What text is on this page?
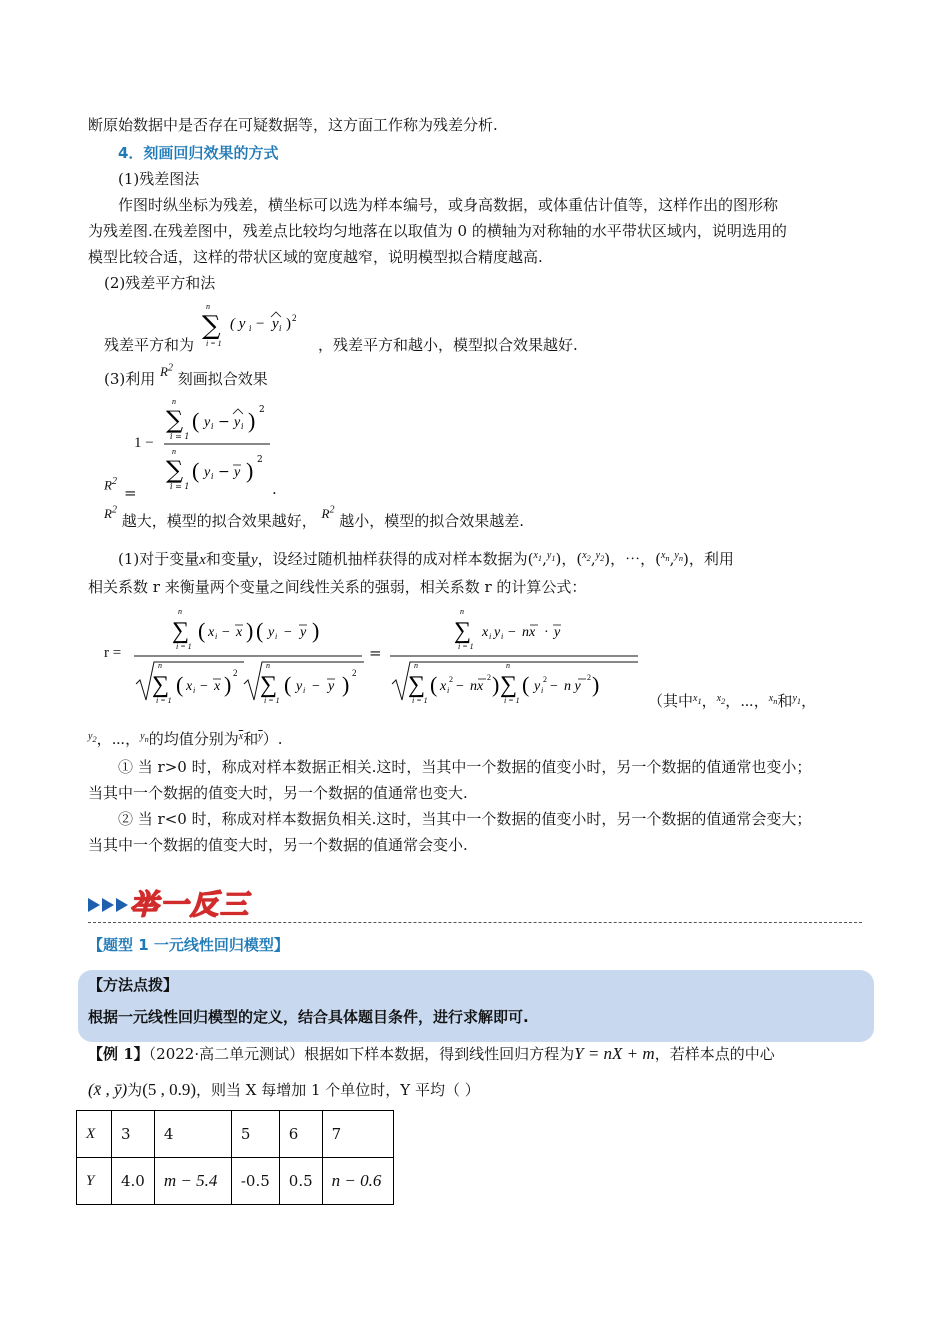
断原始数据中是否存在可疑数据等，这方面工作称为残差分析.
4．刻画回归效果的方式
(1)残差图法
作图时纵坐标为残差，横坐标可以选为样本编号，或身高数据，或体重估计值等，这样作出的图形称
为残差图.在残差图中，残差点比较均匀地落在以取值为 0 的横轴为对称轴的水平带状区域内，说明选用的
模型比较合适，这样的带状区域的宽度越窄，说明模型拟合精度越高.
(2)残差平方和法
残差平方和为
n
∑
i = 1
( y i − y i ) 2
，残差平方和越小，模型拟合效果越好.
(3)利用 $R^2$ 刻画拟合效果
$R^2$
=
1 −
n
∑
i = 1
( y i − y i ) 2
n
∑
i = 1
( y i − y ) 2
.
$R^2$ 越大，模型的拟合效果越好， $R^2$ 越小，模型的拟合效果越差.
(1)对于变量x和变量y，设经过随机抽样获得的成对样本数据为($^{x_1}$,$^{y_1}$)，($^{x_2}$,$^{y_2}$)，⋯，($^{x_n}$,$^{y_n}$)，利用
相关系数 r 来衡量两个变量之间线性关系的强弱，相关系数 r 的计算公式：
r =
n
∑
i = 1
( x i − x ) ( y i − y )
n
∑
i = 1
( x i − x ) 2
n
∑
i = 1
( y i − y ) 2
=
n
∑
i = 1
x i y i − nx · y
n
∑
i = 1
( x i
2 − nx
2 )
n
∑
i = 1
( y i
2 − n y
2 )
（其中$^{x_1}$，$^{x_2}$，⋯，$^{x_n}$和$^{y_1}$，
$^{y_2}$，⋯，$^{y_n}$的均值分别为$^{\overline{x}}$和$^{\overline{y}}$）.
① 当 r>0 时，称成对样本数据正相关.这时，当其中一个数据的值变小时，另一个数据的值通常也变小；
当其中一个数据的值变大时，另一个数据的值通常也变大.
② 当 r<0 时，称成对样本数据负相关.这时，当其中一个数据的值变小时，另一个数据的值通常会变大；
当其中一个数据的值变大时，另一个数据的值通常会变小.
举一反三
【题型 1 一元线性回归模型】
【方法点拨】
根据一元线性回归模型的定义，结合具体题目条件，进行求解即可.
【例 1】（2022·高二单元测试）根据如下样本数据，得到线性回归方程为Y = nX + m，若样本点的中心
(x̄ , ȳ)为(5 , 0.9)，则当 X 每增加 1 个单位时，Y 平均（ ）
X	3	4	5	6	7
Y	4.0	m − 5.4	-0.5	0.5	n − 0.6
